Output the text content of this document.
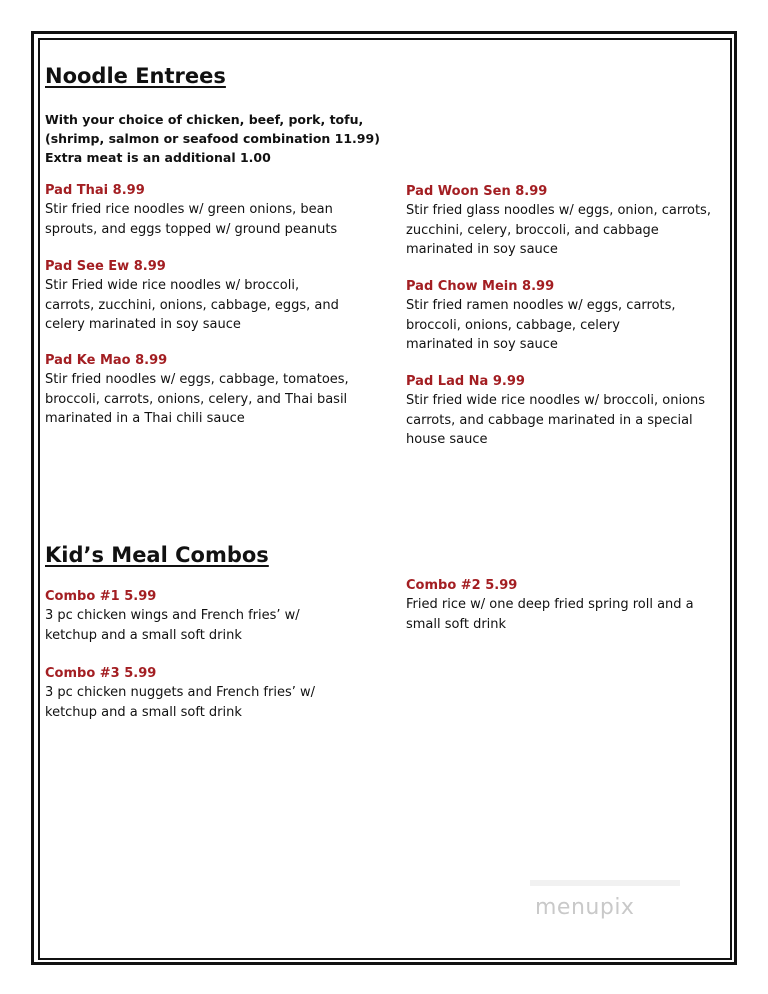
Noodle Entrees
With your choice of chicken, beef, pork, tofu,
(shrimp, salmon or seafood combination 11.99)
Extra meat is an additional 1.00
Pad Thai 8.99
Stir fried rice noodles w/ green onions, bean
sprouts, and eggs topped w/ ground peanuts
Pad See Ew 8.99
Stir Fried wide rice noodles w/ broccoli,
carrots, zucchini, onions, cabbage, eggs, and
celery marinated in soy sauce
Pad Ke Mao 8.99
Stir fried noodles w/ eggs, cabbage, tomatoes,
broccoli, carrots, onions, celery, and Thai basil
marinated in a Thai chili sauce
Pad Woon Sen 8.99
Stir fried glass noodles w/ eggs, onion, carrots,
zucchini, celery, broccoli, and cabbage
marinated in soy sauce
Pad Chow Mein 8.99
Stir fried ramen noodles w/ eggs, carrots,
broccoli, onions, cabbage, celery
marinated in soy sauce
Pad Lad Na 9.99
Stir fried wide rice noodles w/ broccoli, onions
carrots, and cabbage marinated in a special
house sauce
Kid’s Meal Combos
Combo #1 5.99
3 pc chicken wings and French fries’ w/
ketchup and a small soft drink
Combo #3 5.99
3 pc chicken nuggets and French fries’ w/
ketchup and a small soft drink
Combo #2 5.99
Fried rice w/ one deep fried spring roll and a
small soft drink
menupix
